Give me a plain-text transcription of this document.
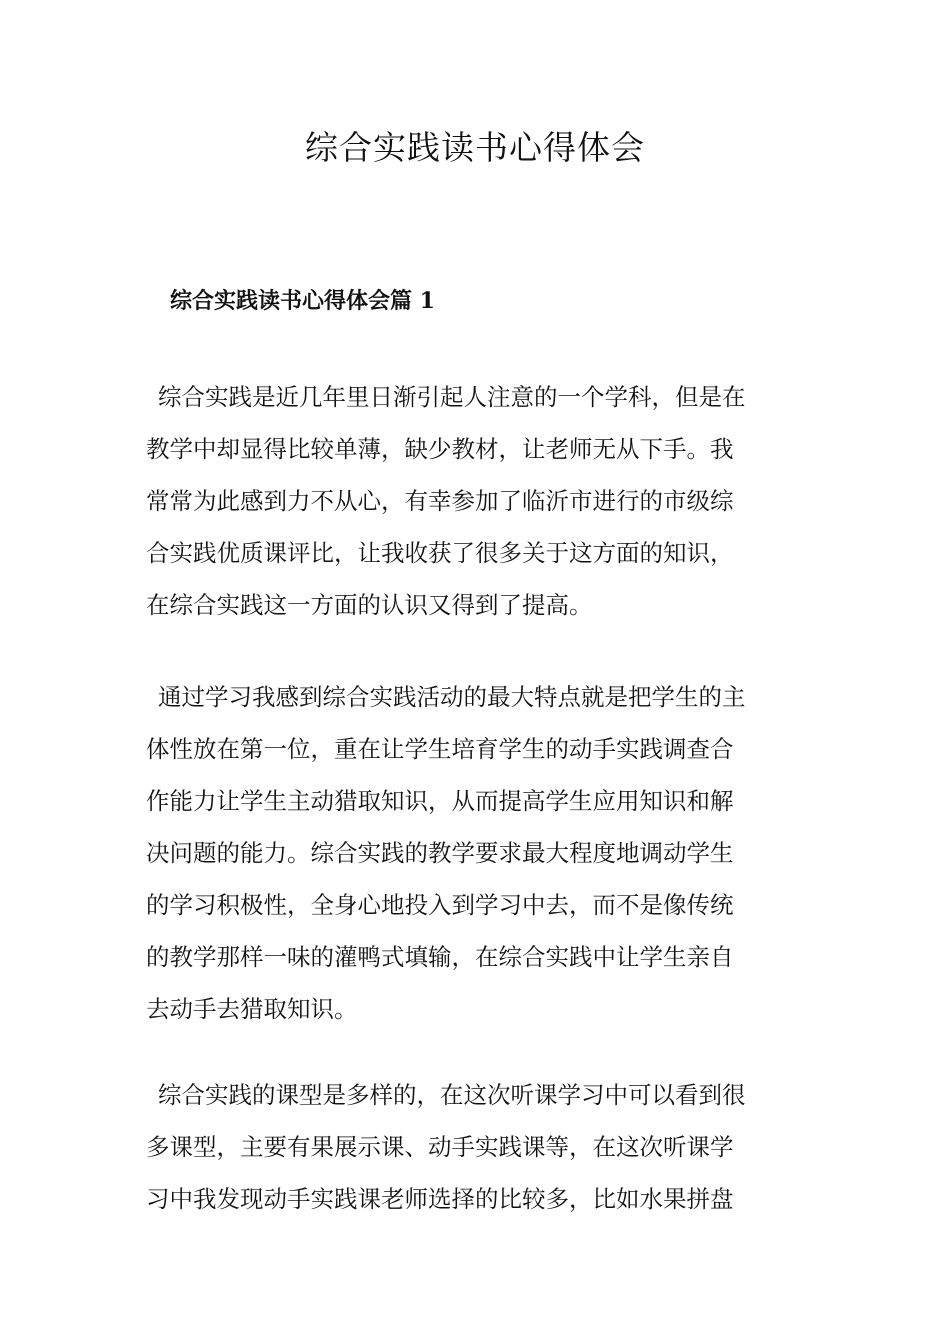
综合实践读书心得体会
综合实践读书心得体会篇 1
综合实践是近几年里日渐引起人注意的一个学科，但是在
教学中却显得比较单薄，缺少教材，让老师无从下手。我
常常为此感到力不从心，有幸参加了临沂市进行的市级综
合实践优质课评比，让我收获了很多关于这方面的知识，
在综合实践这一方面的认识又得到了提高。
通过学习我感到综合实践活动的最大特点就是把学生的主
体性放在第一位，重在让学生培育学生的动手实践调查合
作能力让学生主动猎取知识，从而提高学生应用知识和解
决问题的能力。综合实践的教学要求最大程度地调动学生
的学习积极性，全身心地投入到学习中去，而不是像传统
的教学那样一味的灌鸭式填输，在综合实践中让学生亲自
去动手去猎取知识。
综合实践的课型是多样的，在这次听课学习中可以看到很
多课型，主要有果展示课、动手实践课等，在这次听课学
习中我发现动手实践课老师选择的比较多，比如水果拼盘
